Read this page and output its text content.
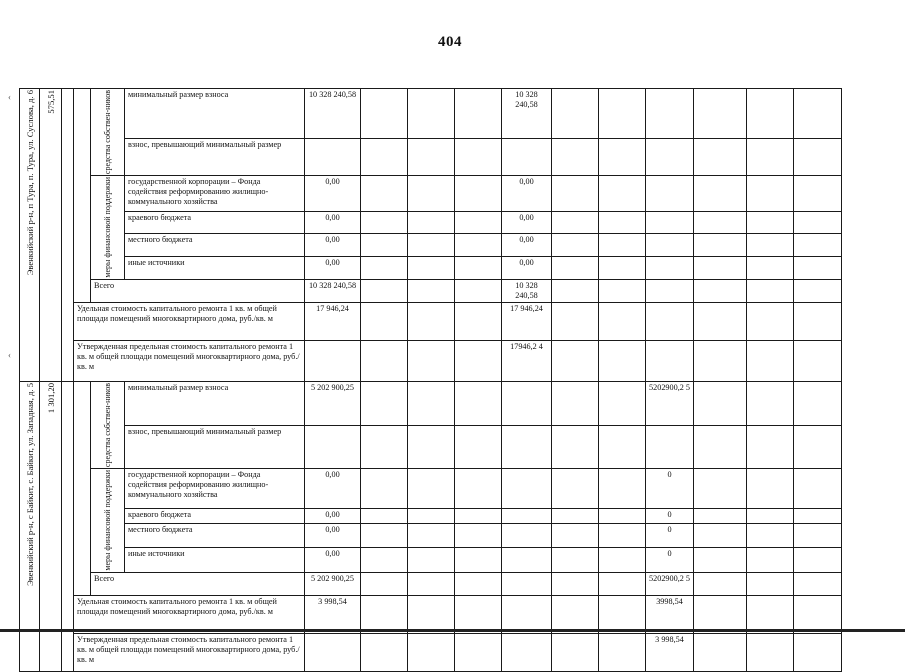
404
‹
‹
Эвенкийский р-н, п Тура, п. Тура, ул. Суслова, д. 6	575,51			средства собствен-ников	минимальный размер взноса	10 328 240,58				10 328 240,58						
					взнос, превышающий минимальный размер											

				меры финансовой поддержки	государственной корпорации – Фонда содействия реформированию жилищно-коммунального хозяйства	0,00				0,00						
					краевого бюджета	0,00				0,00						
					местного бюджета	0,00				0,00						
					иные источники	0,00				0,00						
				Всего		10 328 240,58				10 328 240,58						
			Удельная стоимость капитального ремонта 1 кв. м общей площади помещений многоквартирного дома, руб./кв. м			17 946,24				17 946,24						
			Утвержденная предельная стоимость капитального ремонта 1 кв. м общей площади помещений многоквартирного дома, руб./кв. м							17946,2 4						

Эвенкийский р-н, с Байкит, с. Байкит, ул. Западная, д. 5	1 301,20			средства собствен-ников	минимальный размер взноса	5 202 900,25							5202900,2 5			
					взнос, превышающий минимальный размер											

				меры финансовой поддержки	государственной корпорации – Фонда содействия реформированию жилищно-коммунального хозяйства	0,00							0			
					краевого бюджета	0,00							0			
					местного бюджета	0,00							0			
					иные источники	0,00							0			
				Всего		5 202 900,25							5202900,2 5			
			Удельная стоимость капитального ремонта 1 кв. м общей площади помещений многоквартирного дома, руб./кв. м			3 998,54							3998,54			
			Утвержденная предельная стоимость капитального ремонта 1 кв. м общей площади помещений многоквартирного дома, руб./кв. м										3 998,54			
